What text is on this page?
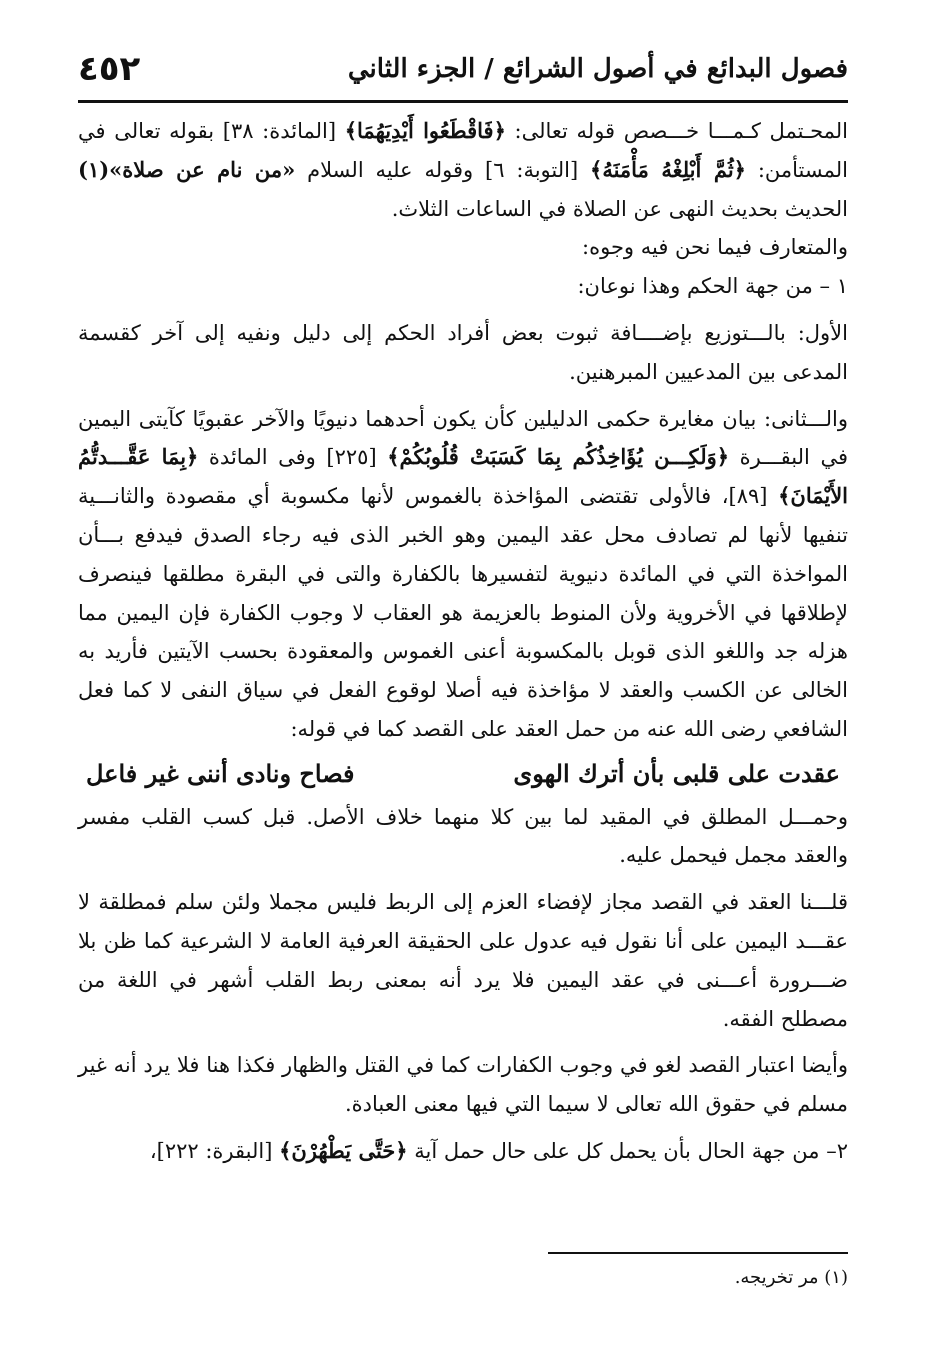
فصول البدائع في أصول الشرائع / الجزء الثاني
٤٥٢

المحـتمل كـمـــا خـــصص قوله تعالى: ﴿فَاقْطَعُوا أَيْدِيَهُمَا﴾ [المائدة: ٣٨] بقوله تعالى في المستأمن: ﴿ثُمَّ أَبْلِغْهُ مَأْمَنَهُ﴾ [التوبة: ٦] وقوله عليه السلام «من نام عن صلاة»(١) الحديث بحديث النهى عن الصلاة في الساعات الثلاث.

والمتعارف فيما نحن فيه وجوه:

١ – من جهة الحكم وهذا نوعان:

الأول: بالـــتوزيع بإضــــافة ثبوت بعض أفراد الحكم إلى دليل ونفيه إلى آخر كقسمة المدعى بين المدعيين المبرهنين.

والـــثانى: بيان مغايرة حكمى الدليلين كأن يكون أحدهما دنيويًا والآخر عقبويًا كآيتى اليمين في البقـــرة ﴿وَلَكِـــن يُؤَاخِذُكُم بِمَا كَسَبَتْ قُلُوبُكُمْ﴾ [٢٢٥] وفى المائدة ﴿بِمَا عَقَّـــدتُّمُ الأَيْمَانَ﴾ [٨٩]، فالأولى تقتضى المؤاخذة بالغموس لأنها مكسوبة أي مقصودة والثانـــية تنفيها لأنها لم تصادف محل عقد اليمين وهو الخبر الذى فيه رجاء الصدق فيدفع بـــأن المواخذة التي في المائدة دنيوية لتفسيرها بالكفارة والتى في البقرة مطلقها فينصرف لإطلاقها في الأخروية ولأن المنوط بالعزيمة هو العقاب لا وجوب الكفارة فإن اليمين مما هزله جد واللغو الذى قوبل بالمكسوبة أعنى الغموس والمعقودة بحسب الآيتين فأريد به الخالى عن الكسب والعقد لا مؤاخذة فيه أصلا لوقوع الفعل في سياق النفى لا كما فعل الشافعي رضى الله عنه من حمل العقد على القصد كما في قوله:

عقدت على قلبى بأن أترك الهوى
فصاح ونادى أننى غير فاعل

وحمـــل المطلق في المقيد لما بين كلا منهما خلاف الأصل. قبل كسب القلب مفسر والعقد مجمل فيحمل عليه.

قلـــنا العقد في القصد مجاز لإفضاء العزم إلى الربط فليس مجملا ولئن سلم فمطلقة لا عقـــد اليمين على أنا نقول فيه عدول على الحقيقة العرفية العامة لا الشرعية كما ظن بلا ضـــرورة أعـــنى في عقد اليمين فلا يرد أنه بمعنى ربط القلب أشهر في اللغة من مصطلح الفقه.

وأيضا اعتبار القصد لغو في وجوب الكفارات كما في القتل والظهار فكذا هنا فلا يرد أنه غير مسلم في حقوق الله تعالى لا سيما التي فيها معنى العبادة.

٢– من جهة الحال بأن يحمل كل على حال حمل آية ﴿حَتَّى يَطْهُرْنَ﴾ [البقرة: ٢٢٢]،

(١) مر تخريجه.
